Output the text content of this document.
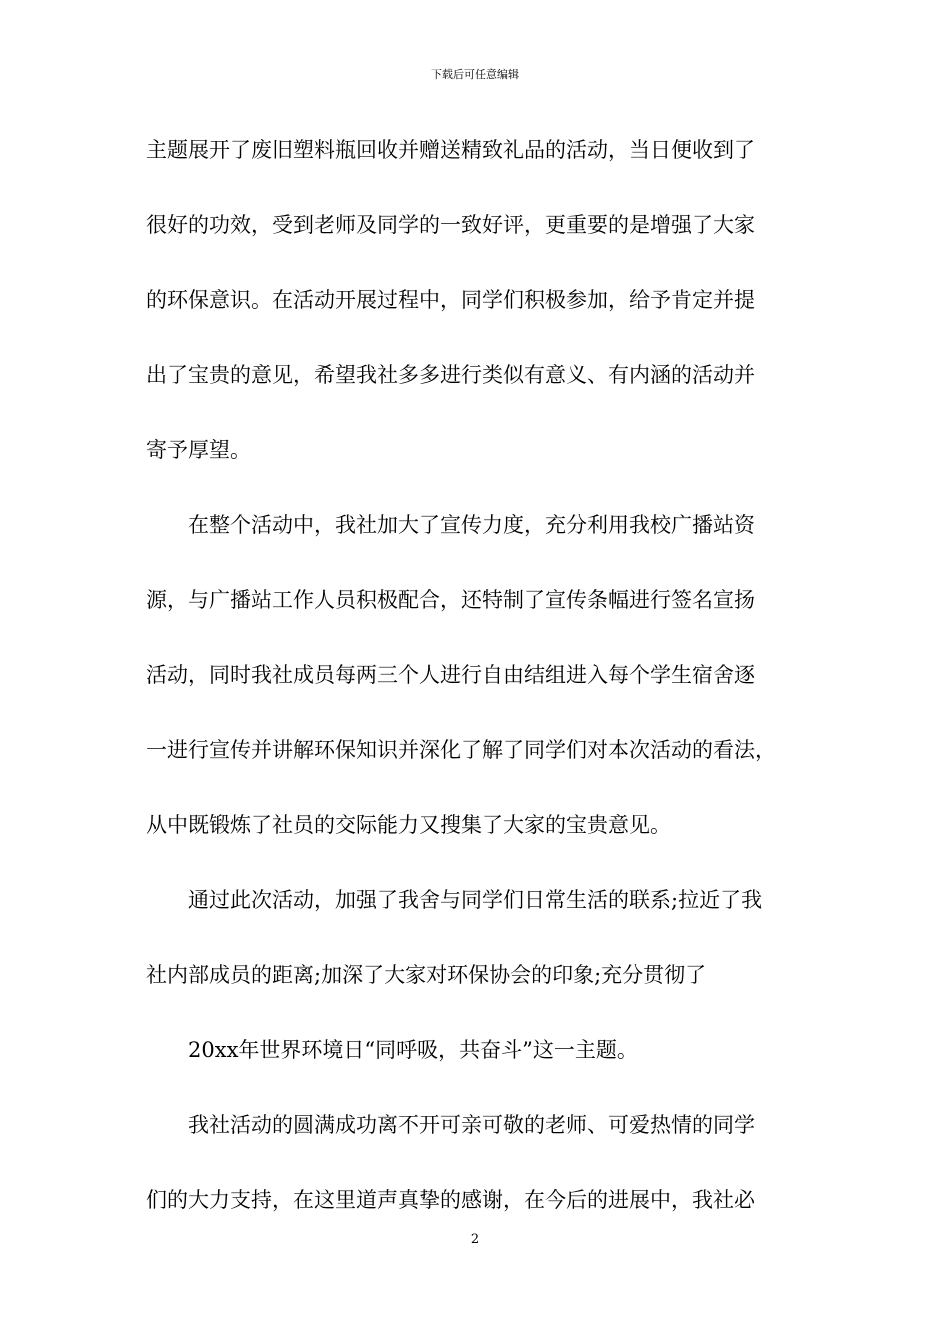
下载后可任意编辑
主题展开了废旧塑料瓶回收并赠送精致礼品的活动，当日便收到了
很好的功效，受到老师及同学的一致好评，更重要的是增强了大家
的环保意识。在活动开展过程中，同学们积极参加，给予肯定并提
出了宝贵的意见，希望我社多多进行类似有意义、有内涵的活动并
寄予厚望。
在整个活动中，我社加大了宣传力度，充分利用我校广播站资
源，与广播站工作人员积极配合，还特制了宣传条幅进行签名宣扬
活动，同时我社成员每两三个人进行自由结组进入每个学生宿舍逐
一进行宣传并讲解环保知识并深化了解了同学们对本次活动的看法，
从中既锻炼了社员的交际能力又搜集了大家的宝贵意见。
通过此次活动，加强了我舍与同学们日常生活的联系;拉近了我
社内部成员的距离;加深了大家对环保协会的印象;充分贯彻了
20xx年世界环境日“同呼吸，共奋斗”这一主题。
我社活动的圆满成功离不开可亲可敬的老师、可爱热情的同学
们的大力支持，在这里道声真挚的感谢，在今后的进展中，我社必
2
